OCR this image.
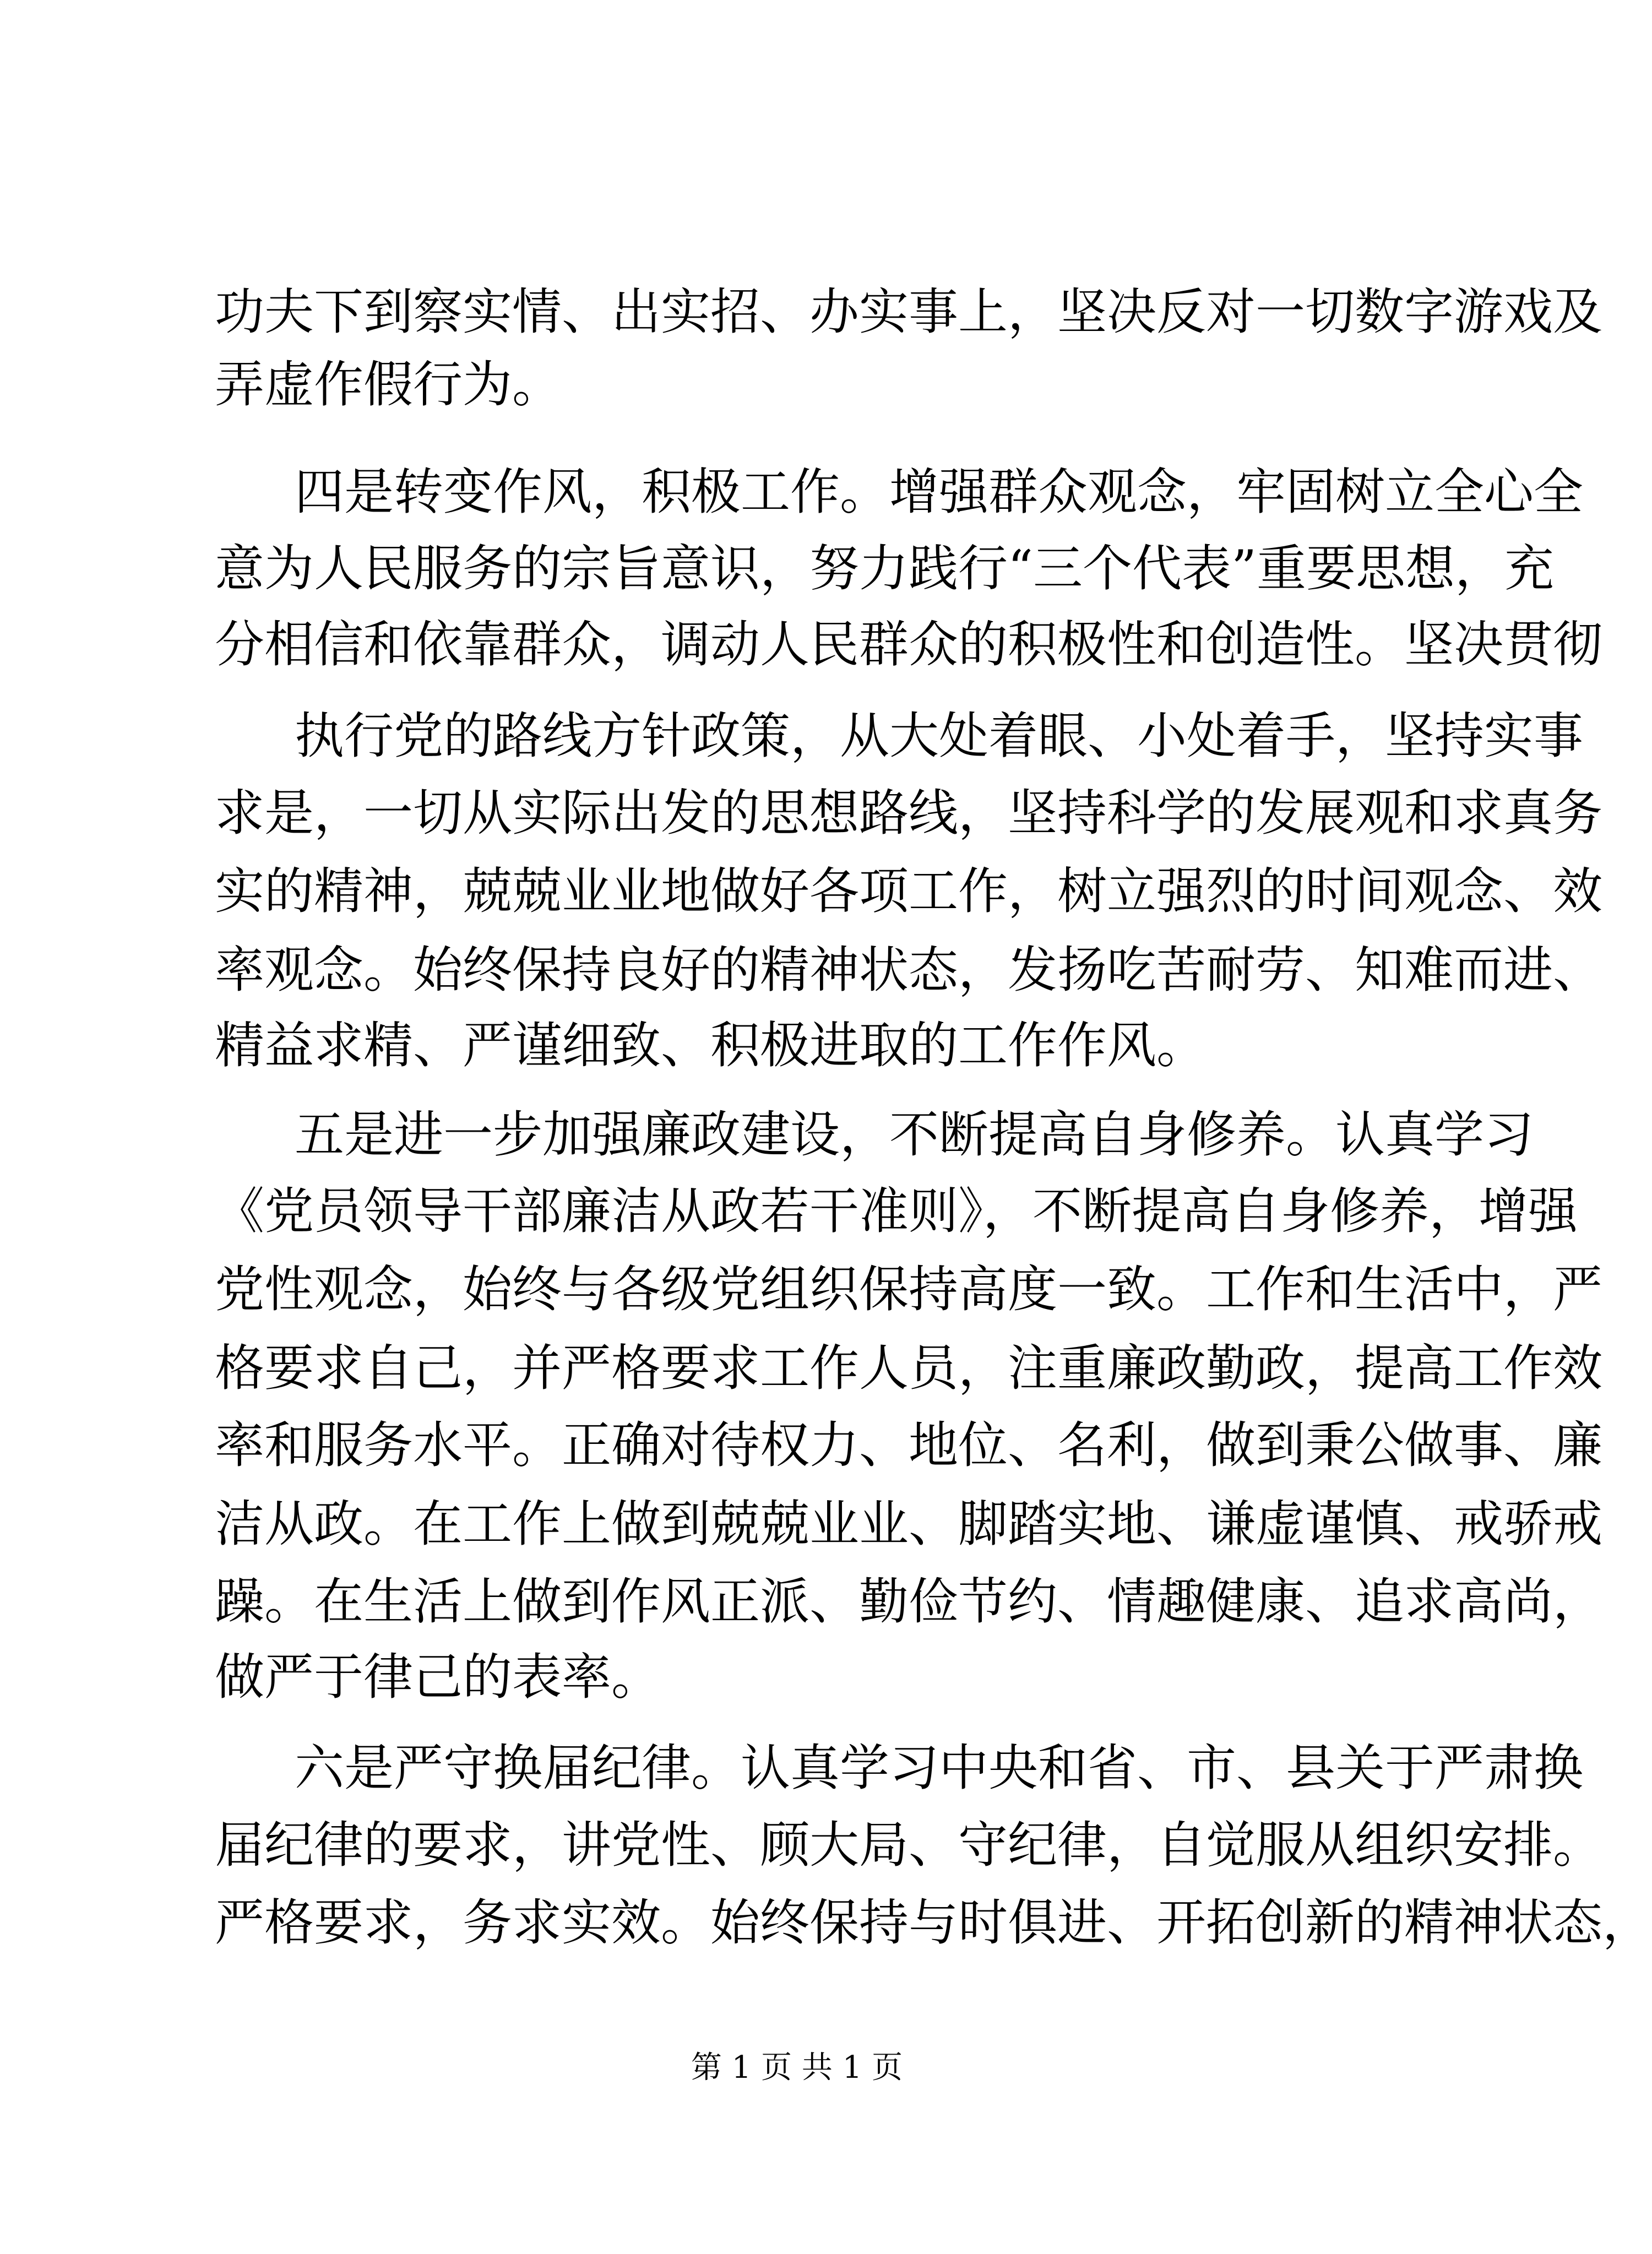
功夫下到察实情、出实招、办实事上，坚决反对一切数字游戏及
弄虚作假行为。
四是转变作风，积极工作。增强群众观念，牢固树立全心全
意为人民服务的宗旨意识，努力践行“三个代表”重要思想，充
分相信和依靠群众，调动人民群众的积极性和创造性。坚决贯彻
执行党的路线方针政策，从大处着眼、小处着手，坚持实事
求是，一切从实际出发的思想路线，坚持科学的发展观和求真务
实的精神，兢兢业业地做好各项工作，树立强烈的时间观念、效
率观念。始终保持良好的精神状态，发扬吃苦耐劳、知难而进、
精益求精、严谨细致、积极进取的工作作风。
五是进一步加强廉政建设，不断提高自身修养。认真学习
《党员领导干部廉洁从政若干准则》，不断提高自身修养，增强
党性观念，始终与各级党组织保持高度一致。工作和生活中，严
格要求自己，并严格要求工作人员，注重廉政勤政，提高工作效
率和服务水平。正确对待权力、地位、名利，做到秉公做事、廉
洁从政。在工作上做到兢兢业业、脚踏实地、谦虚谨慎、戒骄戒
躁。在生活上做到作风正派、勤俭节约、情趣健康、追求高尚，
做严于律己的表率。
六是严守换届纪律。认真学习中央和省、市、县关于严肃换
届纪律的要求，讲党性、顾大局、守纪律，自觉服从组织安排。
严格要求，务求实效。始终保持与时俱进、开拓创新的精神状态，
第 1 页 共 1 页
